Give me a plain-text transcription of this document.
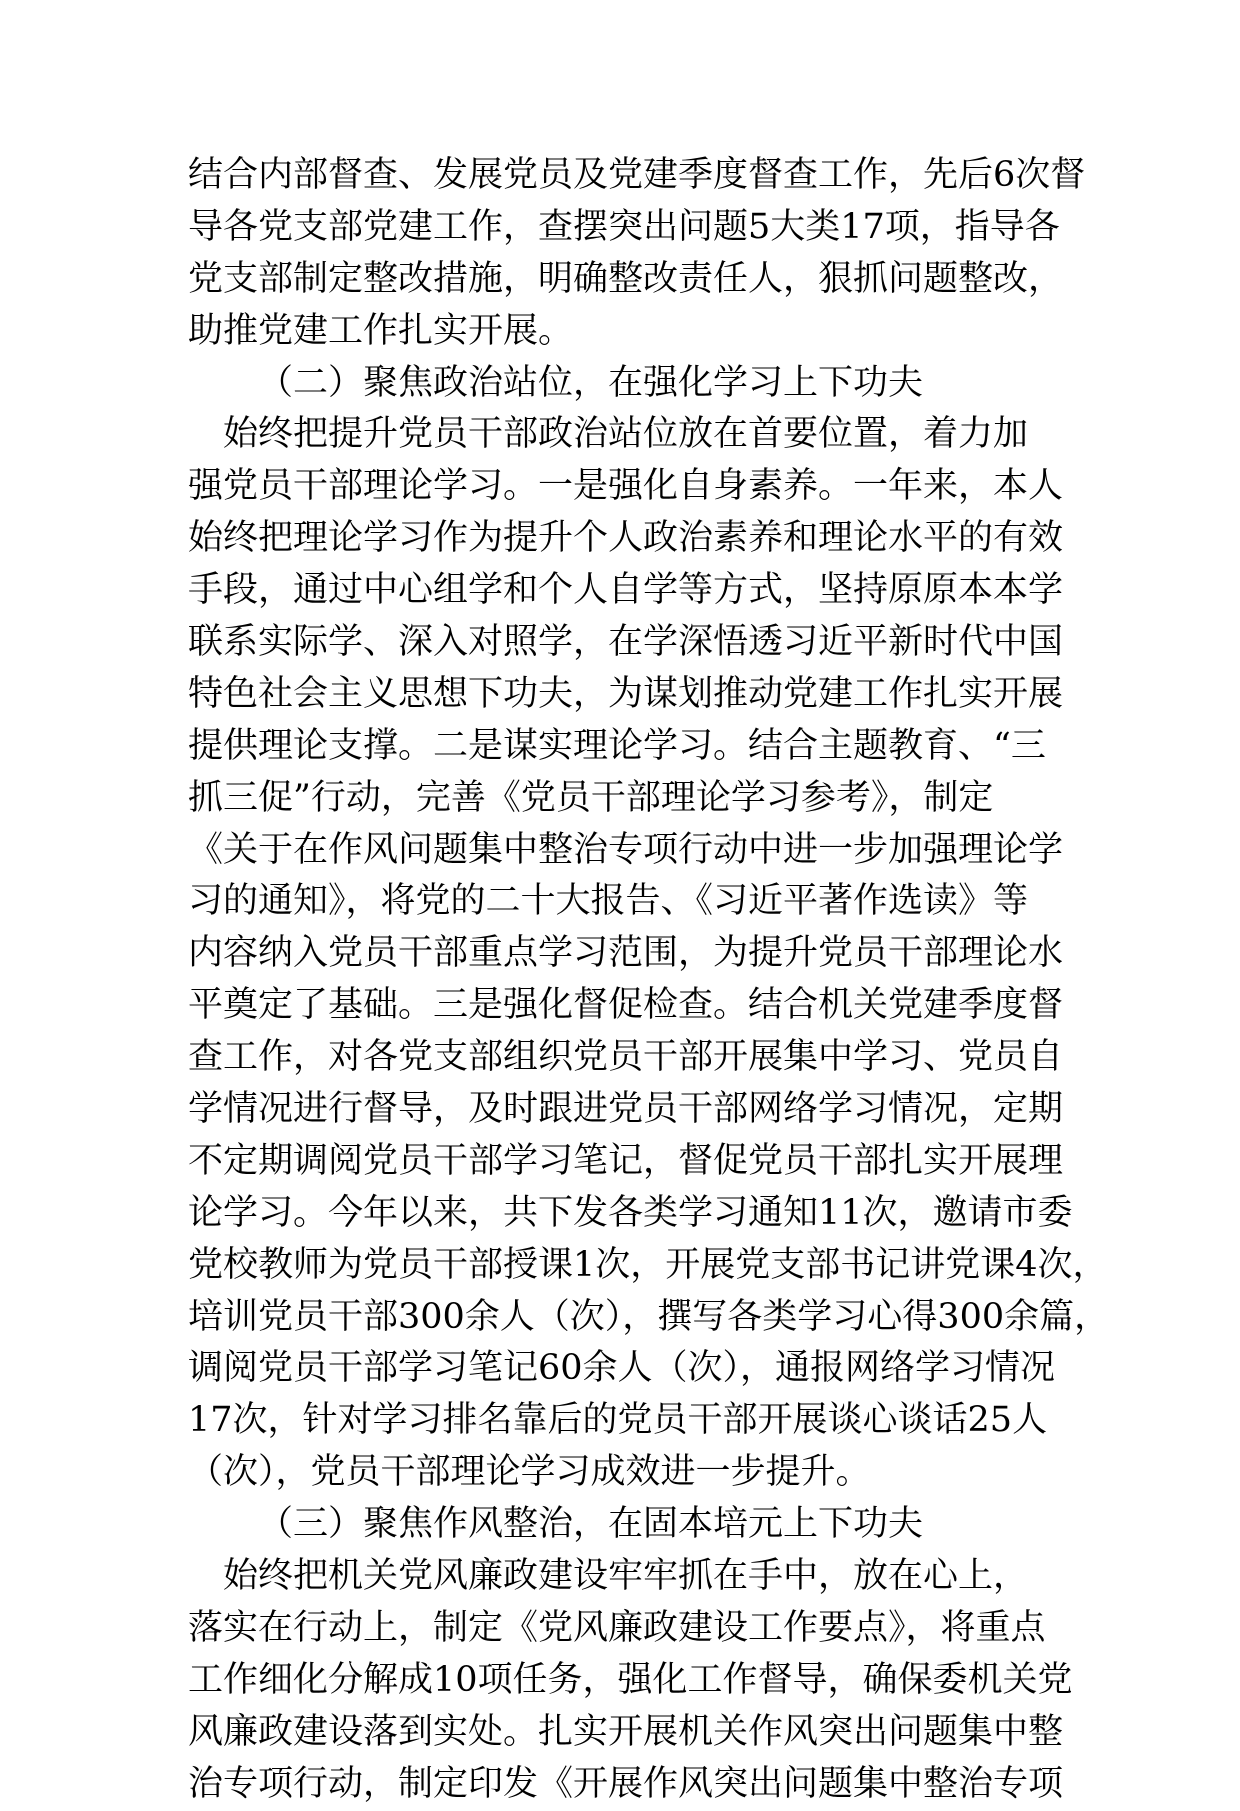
结合内部督查、发展党员及党建季度督查工作，先后6次督
导各党支部党建工作，查摆突出问题5大类17项，指导各
党支部制定整改措施，明确整改责任人，狠抓问题整改，
助推党建工作扎实开展。
（二）聚焦政治站位，在强化学习上下功夫
始终把提升党员干部政治站位放在首要位置，着力加
强党员干部理论学习。一是强化自身素养。一年来，本人
始终把理论学习作为提升个人政治素养和理论水平的有效
手段，通过中心组学和个人自学等方式，坚持原原本本学
联系实际学、深入对照学，在学深悟透习近平新时代中国
特色社会主义思想下功夫，为谋划推动党建工作扎实开展
提供理论支撑。二是谋实理论学习。结合主题教育、“三
抓三促”行动，完善《党员干部理论学习参考》，制定
《关于在作风问题集中整治专项行动中进一步加强理论学
习的通知》，将党的二十大报告、《习近平著作选读》等
内容纳入党员干部重点学习范围，为提升党员干部理论水
平奠定了基础。三是强化督促检查。结合机关党建季度督
查工作，对各党支部组织党员干部开展集中学习、党员自
学情况进行督导，及时跟进党员干部网络学习情况，定期
不定期调阅党员干部学习笔记，督促党员干部扎实开展理
论学习。今年以来，共下发各类学习通知11次，邀请市委
党校教师为党员干部授课1次，开展党支部书记讲党课4次，
培训党员干部300余人（次），撰写各类学习心得300余篇，
调阅党员干部学习笔记60余人（次），通报网络学习情况
17次，针对学习排名靠后的党员干部开展谈心谈话25人
（次），党员干部理论学习成效进一步提升。
（三）聚焦作风整治，在固本培元上下功夫
始终把机关党风廉政建设牢牢抓在手中，放在心上，
落实在行动上，制定《党风廉政建设工作要点》，将重点
工作细化分解成10项任务，强化工作督导，确保委机关党
风廉政建设落到实处。扎实开展机关作风突出问题集中整
治专项行动，制定印发《开展作风突出问题集中整治专项
